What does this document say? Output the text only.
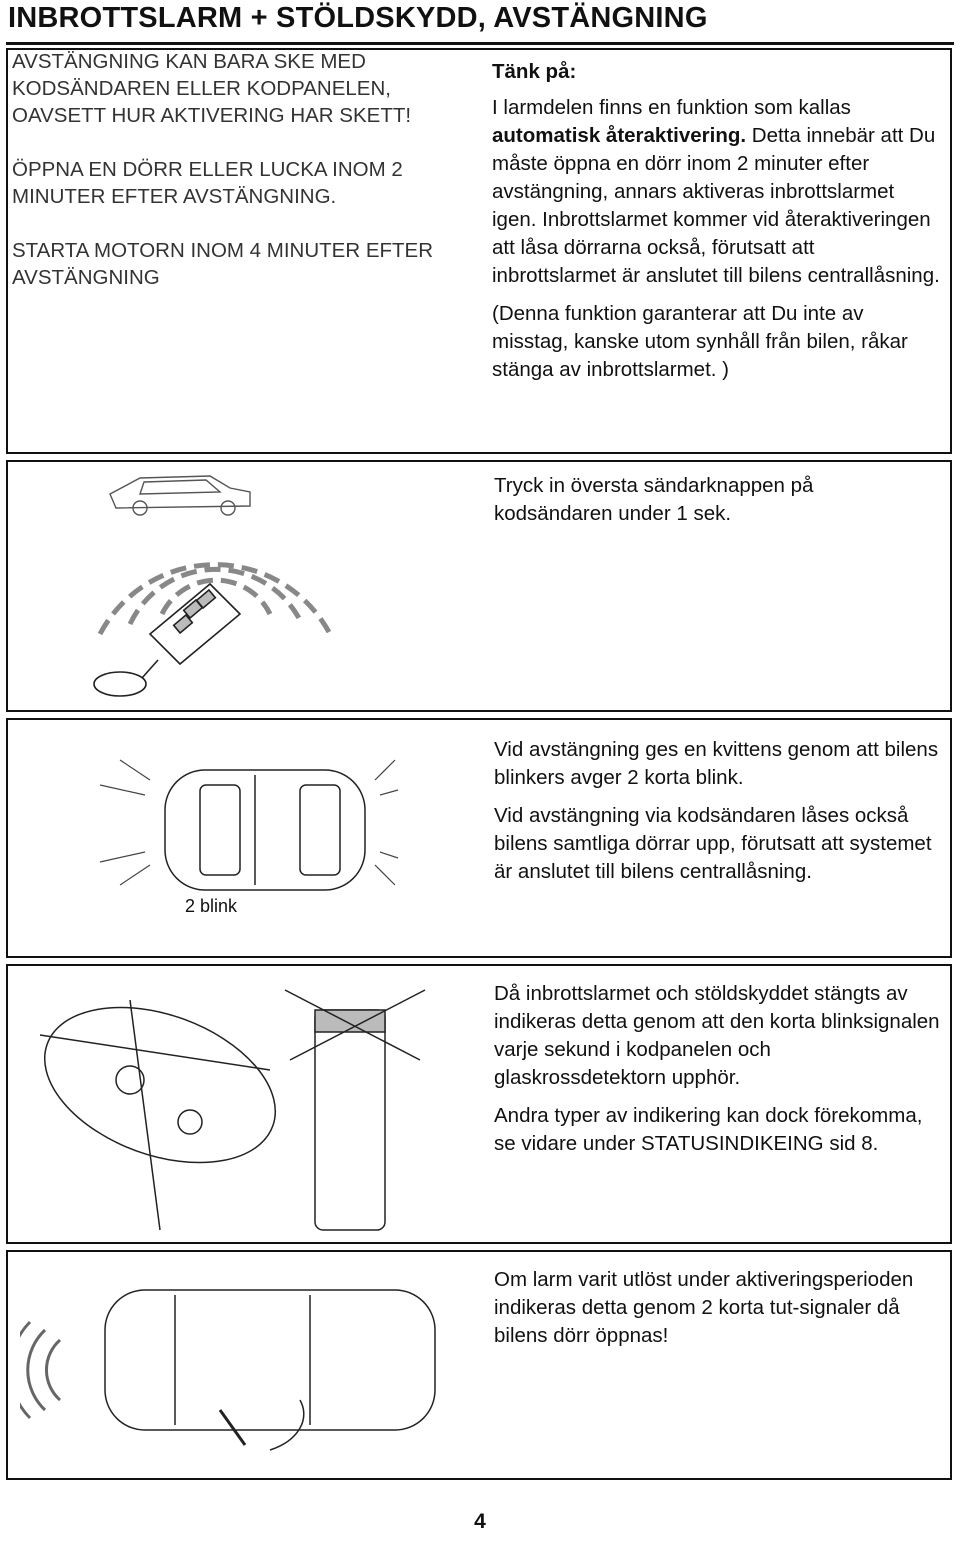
INBROTTSLARM + STÖLDSKYDD, AVSTÄNGNING

AVSTÄNGNING KAN BARA SKE MED KODSÄNDAREN ELLER KODPANELEN, OAVSETT HUR AKTIVERING HAR SKETT!

ÖPPNA EN DÖRR ELLER LUCKA INOM 2 MINUTER EFTER AVSTÄNGNING.

STARTA MOTORN INOM 4 MINUTER EFTER AVSTÄNGNING

Tänk på:

I larmdelen finns en funktion som kallas automatisk återaktivering. Detta innebär att Du måste öppna en dörr inom 2 minuter efter avstängning, annars aktiveras inbrottslarmet igen. Inbrottslarmet kommer vid återaktiveringen att låsa dörrarna också, förutsatt att inbrottslarmet är anslutet till bilens centrallåsning.

(Denna funktion garanterar att Du inte av misstag, kanske utom synhåll från bilen, råkar stänga av inbrottslarmet. )

Tryck in översta sändarknappen på kodsändaren under 1 sek.
2 blink

Vid avstängning ges en kvittens genom att bilens blinkers avger 2 korta blink.

Vid avstängning via kodsändaren låses också bilens samtliga dörrar upp, förutsatt att systemet är anslutet till bilens centrallåsning.

Då inbrottslarmet och stöldskyddet stängts av indikeras detta genom att den korta blinksignalen varje sekund i kodpanelen och glaskrossdetektorn upphör.

Andra typer av indikering kan dock förekomma, se vidare under STATUSINDIKEING sid 8.

Om larm varit utlöst under aktiveringsperioden indikeras detta genom 2 korta tut-signaler då bilens dörr öppnas!
4
